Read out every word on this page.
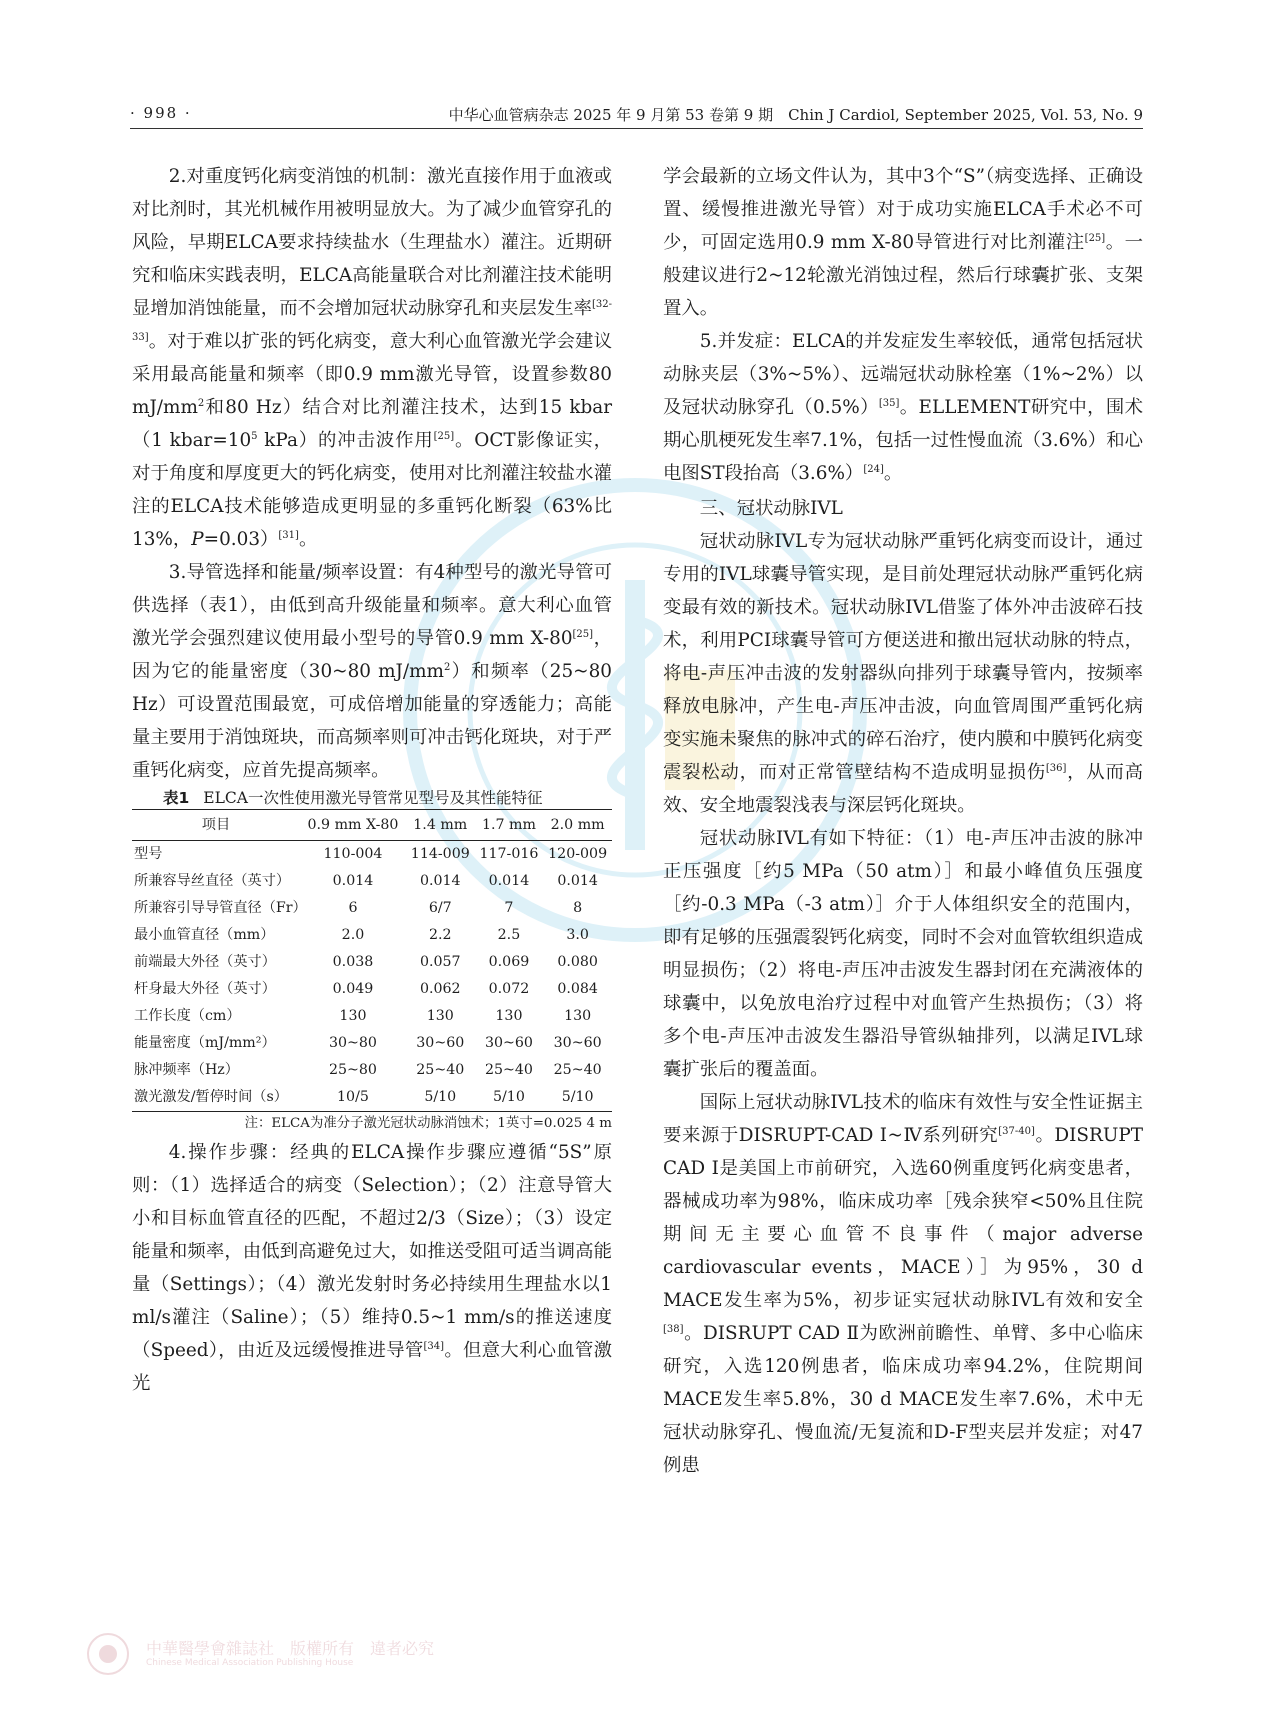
· 998 ·	中华心血管病杂志 2025 年 9 月第 53 卷第 9 期　Chin J Cardiol, September 2025, Vol. 53, No. 9

2.对重度钙化病变消蚀的机制：激光直接作用于血液或对比剂时，其光机械作用被明显放大。为了减少血管穿孔的风险，早期ELCA要求持续盐水（生理盐水）灌注。近期研究和临床实践表明，ELCA高能量联合对比剂灌注技术能明显增加消蚀能量，而不会增加冠状动脉穿孔和夹层发生率[32-33]。对于难以扩张的钙化病变，意大利心血管激光学会建议采用最高能量和频率（即0.9 mm激光导管，设置参数80 $mJ/mm^2$和80 Hz）结合对比剂灌注技术，达到15 kbar（1 $kbar=10^5$ kPa）的冲击波作用[25]。OCT影像证实，对于角度和厚度更大的钙化病变，使用对比剂灌注较盐水灌注的ELCA技术能够造成更明显的多重钙化断裂（63%比13%，P=0.03）[31]。

3.导管选择和能量/频率设置：有4种型号的激光导管可供选择（表1），由低到高升级能量和频率。意大利心血管激光学会强烈建议使用最小型号的导管0.9 mm X-80[25]，因为它的能量密度（30~80 $mJ/mm^2$）和频率（25~80 Hz）可设置范围最宽，可成倍增加能量的穿透能力；高能量主要用于消蚀斑块，而高频率则可冲击钙化斑块，对于严重钙化病变，应首先提高频率。

表1 ELCA一次性使用激光导管常见型号及其性能特征

项目	0.9 mm X-80	1.4 mm	1.7 mm	2.0 mm
型号	110-004	114-009	117-016	120-009
所兼容导丝直径（英寸）	0.014	0.014	0.014	0.014
所兼容引导导管直径（Fr）	6	6/7	7	8
最小血管直径（mm）	2.0	2.2	2.5	3.0
前端最大外径（英寸）	0.038	0.057	0.069	0.080
杆身最大外径（英寸）	0.049	0.062	0.072	0.084
工作长度（cm）	130	130	130	130
能量密度（mJ/mm²）	30~80	30~60	30~60	30~60
脉冲频率（Hz）	25~80	25~40	25~40	25~40
激光激发/暂停时间（s）	10/5	5/10	5/10	5/10

注：ELCA为准分子激光冠状动脉消蚀术；1英寸=0.025 4 m

4.操作步骤：经典的ELCA操作步骤应遵循“5S”原则：（1）选择适合的病变（Selection）；（2）注意导管大小和目标血管直径的匹配，不超过2/3（Size）；（3）设定能量和频率，由低到高避免过大，如推送受阻可适当调高能量（Settings）；（4）激光发射时务必持续用生理盐水以1 ml/s灌注（Saline）；（5）维持0.5~1 mm/s的推送速度（Speed），由近及远缓慢推进导管[34]。但意大利心血管激光

学会最新的立场文件认为，其中3个“S”（病变选择、正确设置、缓慢推进激光导管）对于成功实施ELCA手术必不可少，可固定选用0.9 mm X-80导管进行对比剂灌注[25]。一般建议进行2~12轮激光消蚀过程，然后行球囊扩张、支架置入。

5.并发症：ELCA的并发症发生率较低，通常包括冠状动脉夹层（3%~5%）、远端冠状动脉栓塞（1%~2%）以及冠状动脉穿孔（0.5%）[35]。ELLEMENT研究中，围术期心肌梗死发生率7.1%，包括一过性慢血流（3.6%）和心电图ST段抬高（3.6%）[24]。

三、冠状动脉IVL

冠状动脉IVL专为冠状动脉严重钙化病变而设计，通过专用的IVL球囊导管实现，是目前处理冠状动脉严重钙化病变最有效的新技术。冠状动脉IVL借鉴了体外冲击波碎石技术，利用PCI球囊导管可方便送进和撤出冠状动脉的特点，将电-声压冲击波的发射器纵向排列于球囊导管内，按频率释放电脉冲，产生电-声压冲击波，向血管周围严重钙化病变实施未聚焦的脉冲式的碎石治疗，使内膜和中膜钙化病变震裂松动，而对正常管壁结构不造成明显损伤[36]，从而高效、安全地震裂浅表与深层钙化斑块。

冠状动脉IVL有如下特征：（1）电-声压冲击波的脉冲正压强度［约5 MPa（50 atm）］和最小峰值负压强度［约-0.3 MPa（-3 atm）］介于人体组织安全的范围内，即有足够的压强震裂钙化病变，同时不会对血管软组织造成明显损伤；（2）将电-声压冲击波发生器封闭在充满液体的球囊中，以免放电治疗过程中对血管产生热损伤；（3）将多个电-声压冲击波发生器沿导管纵轴排列，以满足IVL球囊扩张后的覆盖面。

国际上冠状动脉IVL技术的临床有效性与安全性证据主要来源于DISRUPT-CAD Ⅰ~Ⅳ系列研究[37-40]。DISRUPT CAD Ⅰ是美国上市前研究，入选60例重度钙化病变患者，器械成功率为98%，临床成功率［残余狭窄<50%且住院期间无主要心血管不良事件（major adverse cardiovascular events，MACE）］为95%，30 d MACE发生率为5%，初步证实冠状动脉IVL有效和安全[38]。DISRUPT CAD Ⅱ为欧洲前瞻性、单臂、多中心临床研究，入选120例患者，临床成功率94.2%，住院期间MACE发生率5.8%，30 d MACE发生率7.6%，术中无冠状动脉穿孔、慢血流/无复流和D-F型夹层并发症；对47例患

中華醫學會雜誌社　版權所有　違者必究
Chinese Medical Association Publishing House
